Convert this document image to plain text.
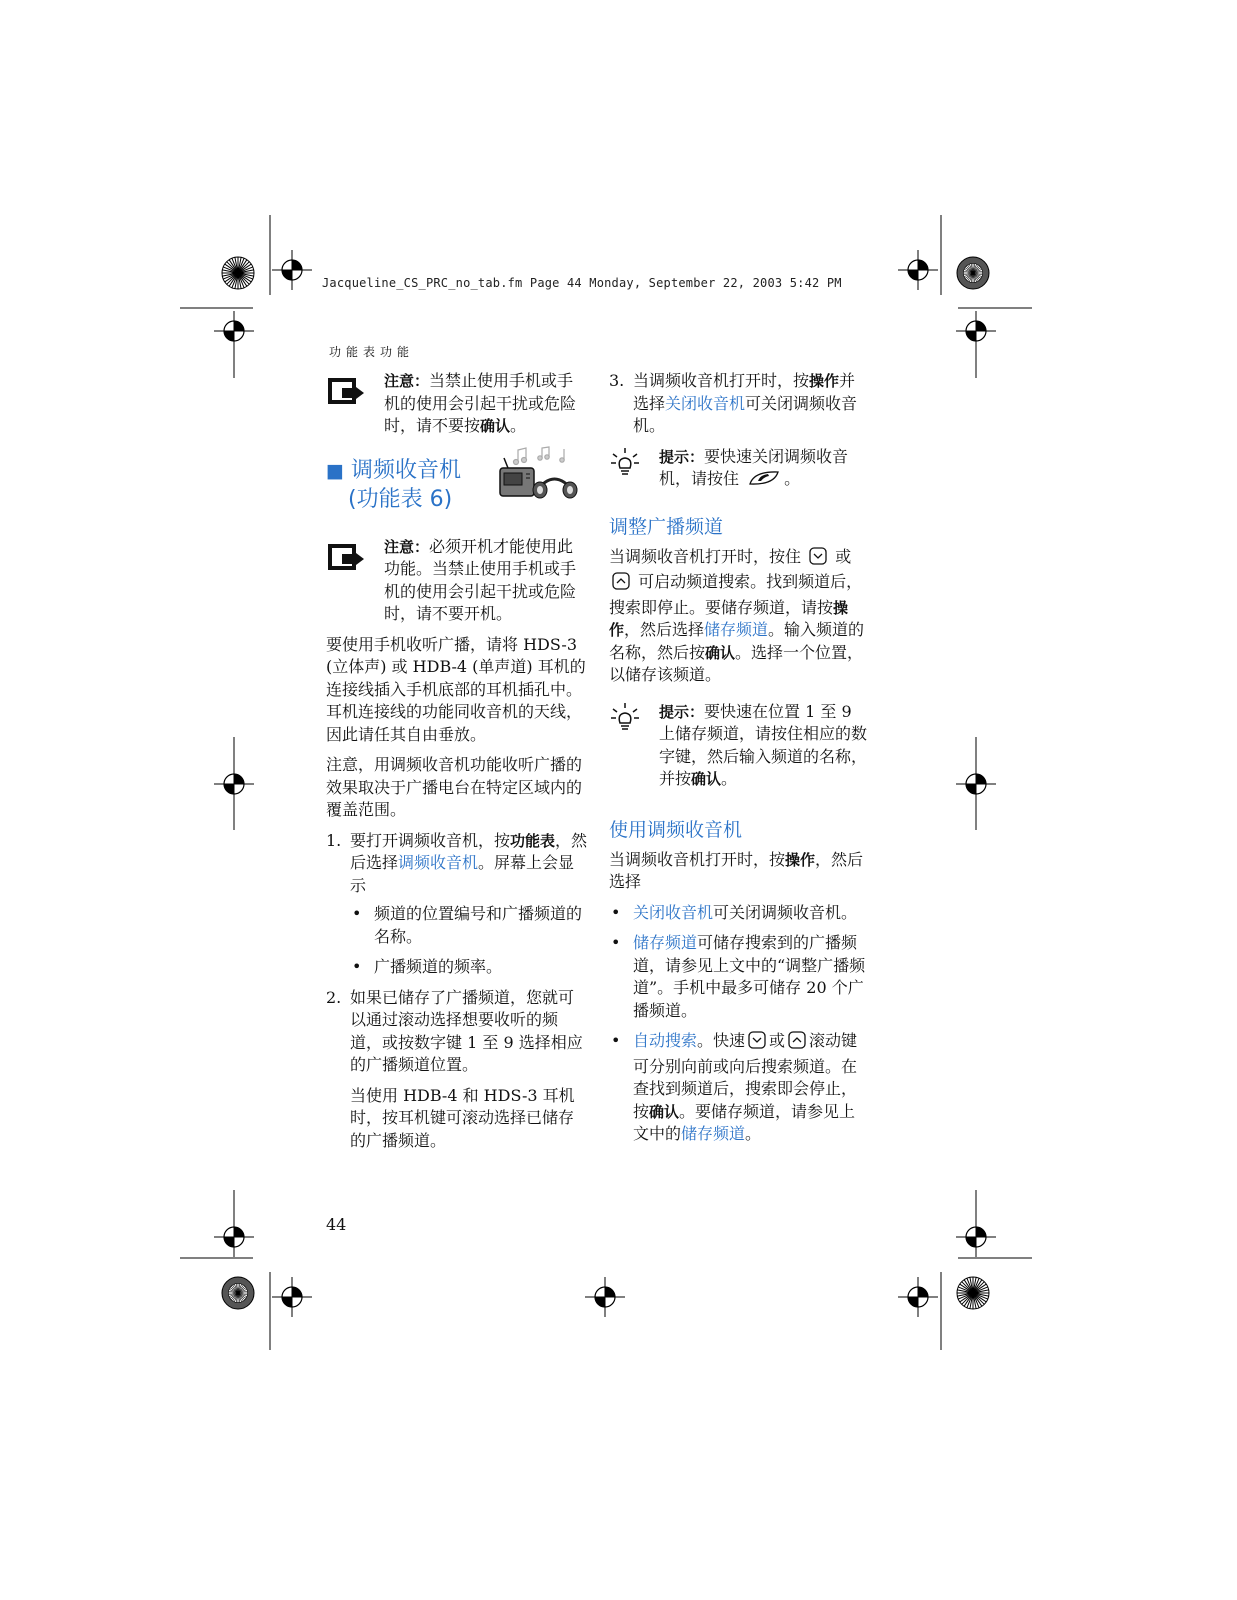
Jacqueline_CS_PRC_no_tab.fm Page 44 Monday, September 22, 2003 5:42 PM
功能表功能
注意：当禁止使用手机或手机的使用会引起干扰或危险时，请不要按确认。
■ 调频收音机
(功能表 6)
注意：必须开机才能使用此功能。当禁止使用手机或手机的使用会引起干扰或危险时，请不要开机。

要使用手机收听广播，请将 HDS-3 (立体声) 或 HDB-4 (单声道) 耳机的连接线插入手机底部的耳机插孔中。耳机连接线的功能同收音机的天线，因此请任其自由垂放。

注意，用调频收音机功能收听广播的效果取决于广播电台在特定区域内的覆盖范围。

1. 要打开调频收音机，按功能表，然后选择调频收音机。屏幕上会显示
• 频道的位置编号和广播频道的名称。
• 广播频道的频率。
2. 如果已储存了广播频道，您就可以通过滚动选择想要收听的频道，或按数字键 1 至 9 选择相应的广播频道位置。

当使用 HDB-4 和 HDS-3 耳机时，按耳机键可滚动选择已储存的广播频道。

3. 当调频收音机打开时，按操作并选择关闭收音机可关闭调频收音机。
提示：要快速关闭调频收音机，请按住	。
调整广播频道

当调频收音机打开时，按住 或  可启动频道搜索。找到频道后，搜索即停止。要储存频道，请按操作，然后选择储存频道。输入频道的名称，然后按确认。选择一个位置，以储存该频道。

提示：要快速在位置 1 至 9 上储存频道，请按住相应的数字键，然后输入频道的名称，并按确认。
使用调频收音机

当调频收音机打开时，按操作，然后选择

• 关闭收音机可关闭调频收音机。
• 储存频道可储存搜索到的广播频道，请参见上文中的“调整广播频道”。手机中最多可储存 20 个广播频道。
• 自动搜索。快速 或 滚动键可分别向前或向后搜索频道。在查找到频道后，搜索即会停止，按确认。要储存频道，请参见上文中的储存频道。
44
